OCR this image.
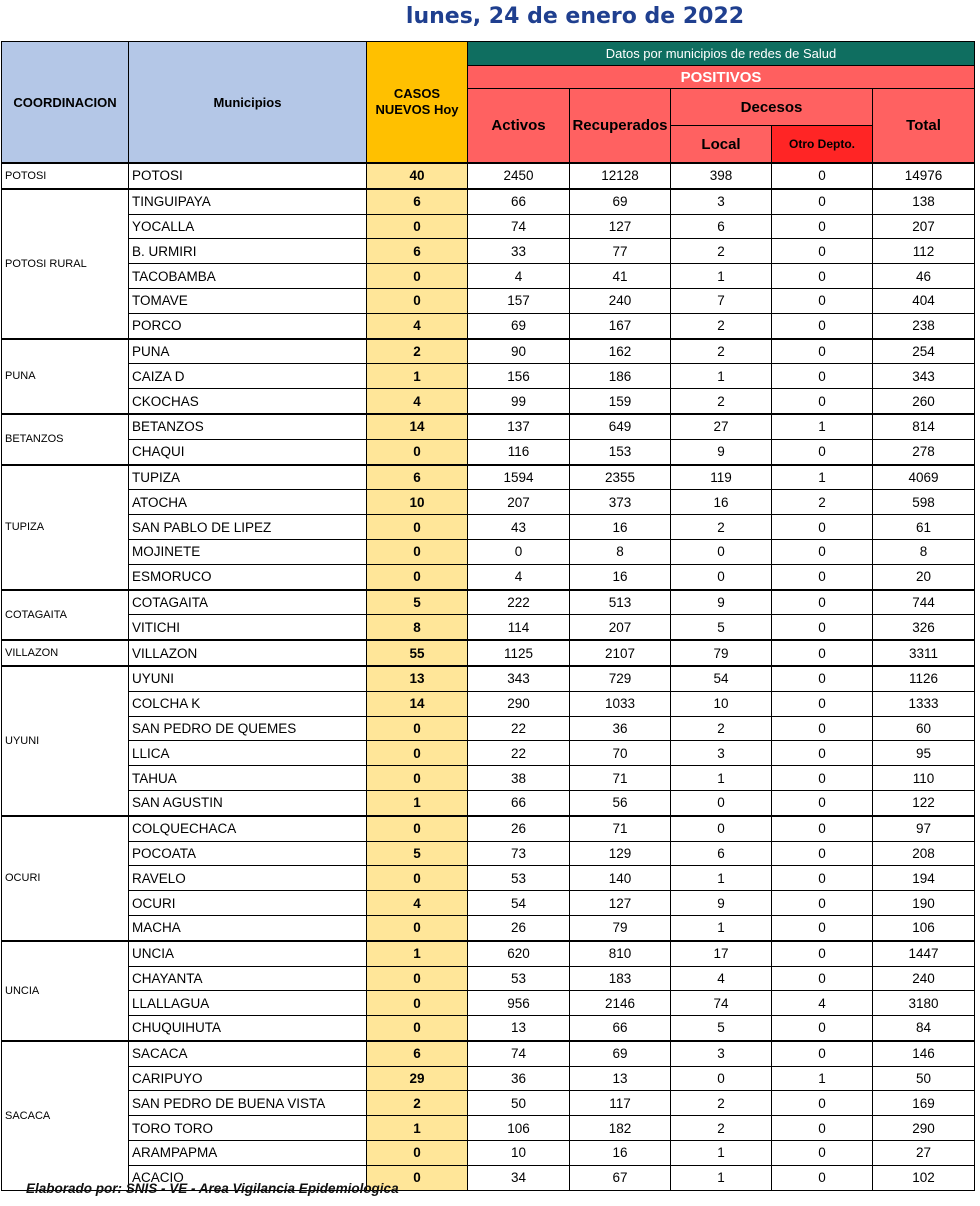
lunes, 24 de enero de 2022
COORDINACION	Municipios	CASOS NUEVOS Hoy	Datos por municipios de redes de Salud				
			POSITIVOS				
			Activos	Recuperados	Decesos		Total
					Local	Otro Depto.	
POTOSI	POTOSI	40	2450	12128	398	0	14976
POTOSI RURAL	TINGUIPAYA	6	66	69	3	0	138
	YOCALLA	0	74	127	6	0	207
	B. URMIRI	6	33	77	2	0	112
	TACOBAMBA	0	4	41	1	0	46
	TOMAVE	0	157	240	7	0	404
	PORCO	4	69	167	2	0	238
PUNA	PUNA	2	90	162	2	0	254
	CAIZA D	1	156	186	1	0	343
	CKOCHAS	4	99	159	2	0	260
BETANZOS	BETANZOS	14	137	649	27	1	814
	CHAQUI	0	116	153	9	0	278
TUPIZA	TUPIZA	6	1594	2355	119	1	4069
	ATOCHA	10	207	373	16	2	598
	SAN PABLO DE LIPEZ	0	43	16	2	0	61
	MOJINETE	0	0	8	0	0	8
	ESMORUCO	0	4	16	0	0	20
COTAGAITA	COTAGAITA	5	222	513	9	0	744
	VITICHI	8	114	207	5	0	326
VILLAZON	VILLAZON	55	1125	2107	79	0	3311
UYUNI	UYUNI	13	343	729	54	0	1126
	COLCHA K	14	290	1033	10	0	1333
	SAN PEDRO DE QUEMES	0	22	36	2	0	60
	LLICA	0	22	70	3	0	95
	TAHUA	0	38	71	1	0	110
	SAN AGUSTIN	1	66	56	0	0	122
OCURI	COLQUECHACA	0	26	71	0	0	97
	POCOATA	5	73	129	6	0	208
	RAVELO	0	53	140	1	0	194
	OCURI	4	54	127	9	0	190
	MACHA	0	26	79	1	0	106
UNCIA	UNCIA	1	620	810	17	0	1447
	CHAYANTA	0	53	183	4	0	240
	LLALLAGUA	0	956	2146	74	4	3180
	CHUQUIHUTA	0	13	66	5	0	84
SACACA	SACACA	6	74	69	3	0	146
	CARIPUYO	29	36	13	0	1	50
	SAN PEDRO DE BUENA VISTA	2	50	117	2	0	169
	TORO TORO	1	106	182	2	0	290
	ARAMPAPMA	0	10	16	1	0	27
	ACACIO	0	34	67	1	0	102
Elaborado por: SNIS - VE - Area Vigilancia Epidemiologica
